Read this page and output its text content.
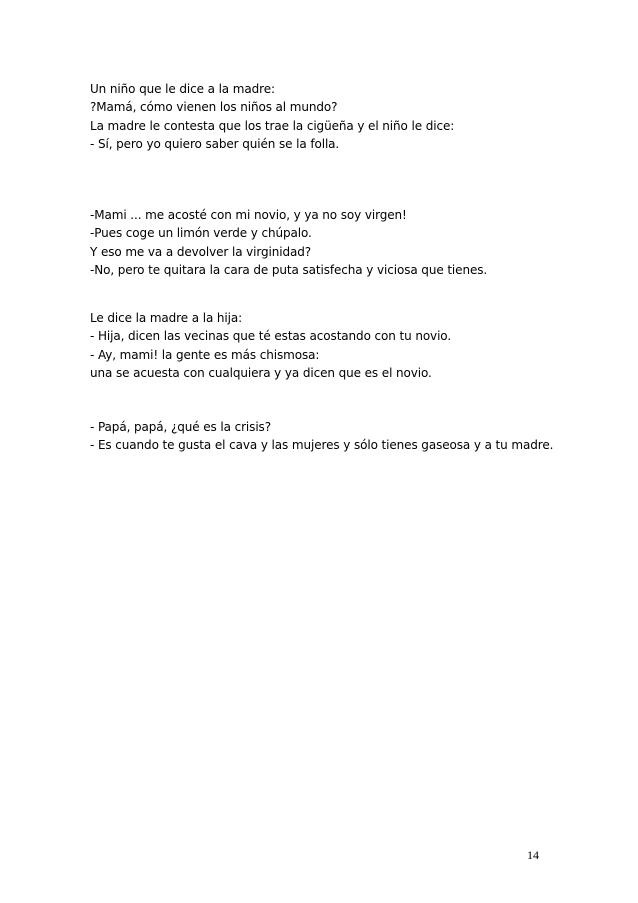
Un niño que le dice a la madre:
?Mamá, cómo vienen los niños al mundo?
La madre le contesta que los trae la cigüeña y el niño le dice:
- Sí, pero yo quiero saber quién se la folla.
-Mami ... me acosté con mi novio, y ya no soy virgen!
-Pues coge un limón verde y chúpalo.
Y eso me va a devolver la virginidad?
-No, pero te quitara la cara de puta satisfecha y viciosa que tienes.
Le dice la madre a la hija:
- Hija, dicen las vecinas que té estas acostando con tu novio.
- Ay, mami! la gente es más chismosa:
una se acuesta con cualquiera y ya dicen que es el novio.
- Papá, papá, ¿qué es la crisis?
- Es cuando te gusta el cava y las mujeres y sólo tienes gaseosa y a tu madre.
14
